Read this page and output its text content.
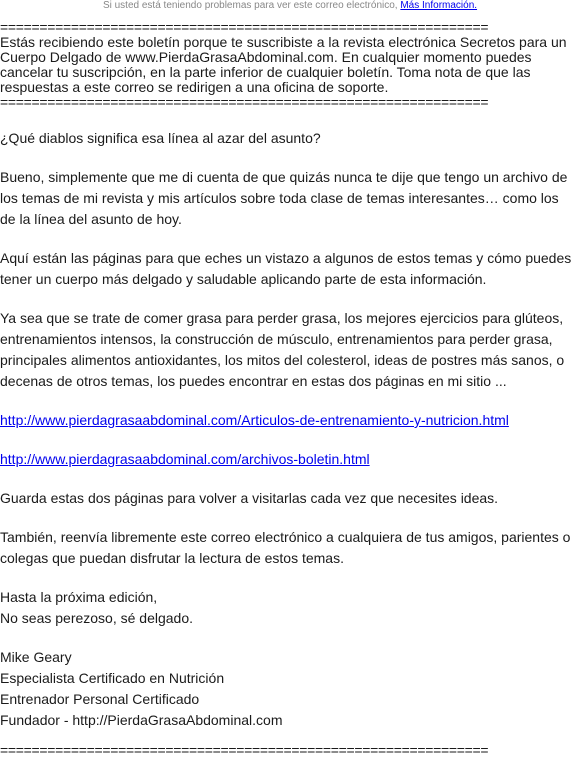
Si usted está teniendo problemas para ver este correo electrónico, Más Información.
==============================================================
Estás recibiendo este boletín porque te suscribiste a la revista electrónica Secretos para un Cuerpo Delgado de www.PierdaGrasaAbdominal.com. En cualquier momento puedes cancelar tu suscripción, en la parte inferior de cualquier boletín. Toma nota de que las respuestas a este correo se redirigen a una oficina de soporte.
==============================================================

¿Qué diablos significa esa línea al azar del asunto?

Bueno, simplemente que me di cuenta de que quizás nunca te dije que tengo un archivo de los temas de mi revista y mis artículos sobre toda clase de temas interesantes… como los de la línea del asunto de hoy.

Aquí están las páginas para que eches un vistazo a algunos de estos temas y cómo puedes tener un cuerpo más delgado y saludable aplicando parte de esta información.

Ya sea que se trate de comer grasa para perder grasa, los mejores ejercicios para glúteos, entrenamientos intensos, la construcción de músculo, entrenamientos para perder grasa, principales alimentos antioxidantes, los mitos del colesterol, ideas de postres más sanos, o decenas de otros temas, los puedes encontrar en estas dos páginas en mi sitio ...

http://www.pierdagrasaabdominal.com/Articulos-de-entrenamiento-y-nutricion.html

http://www.pierdagrasaabdominal.com/archivos-boletin.html

Guarda estas dos páginas para volver a visitarlas cada vez que necesites ideas.

También, reenvía libremente este correo electrónico a cualquiera de tus amigos, parientes o colegas que puedan disfrutar la lectura de estos temas.

Hasta la próxima edición,
No seas perezoso, sé delgado.

Mike Geary
Especialista Certificado en Nutrición
Entrenador Personal Certificado
Fundador - http://PierdaGrasaAbdominal.com

==============================================================
